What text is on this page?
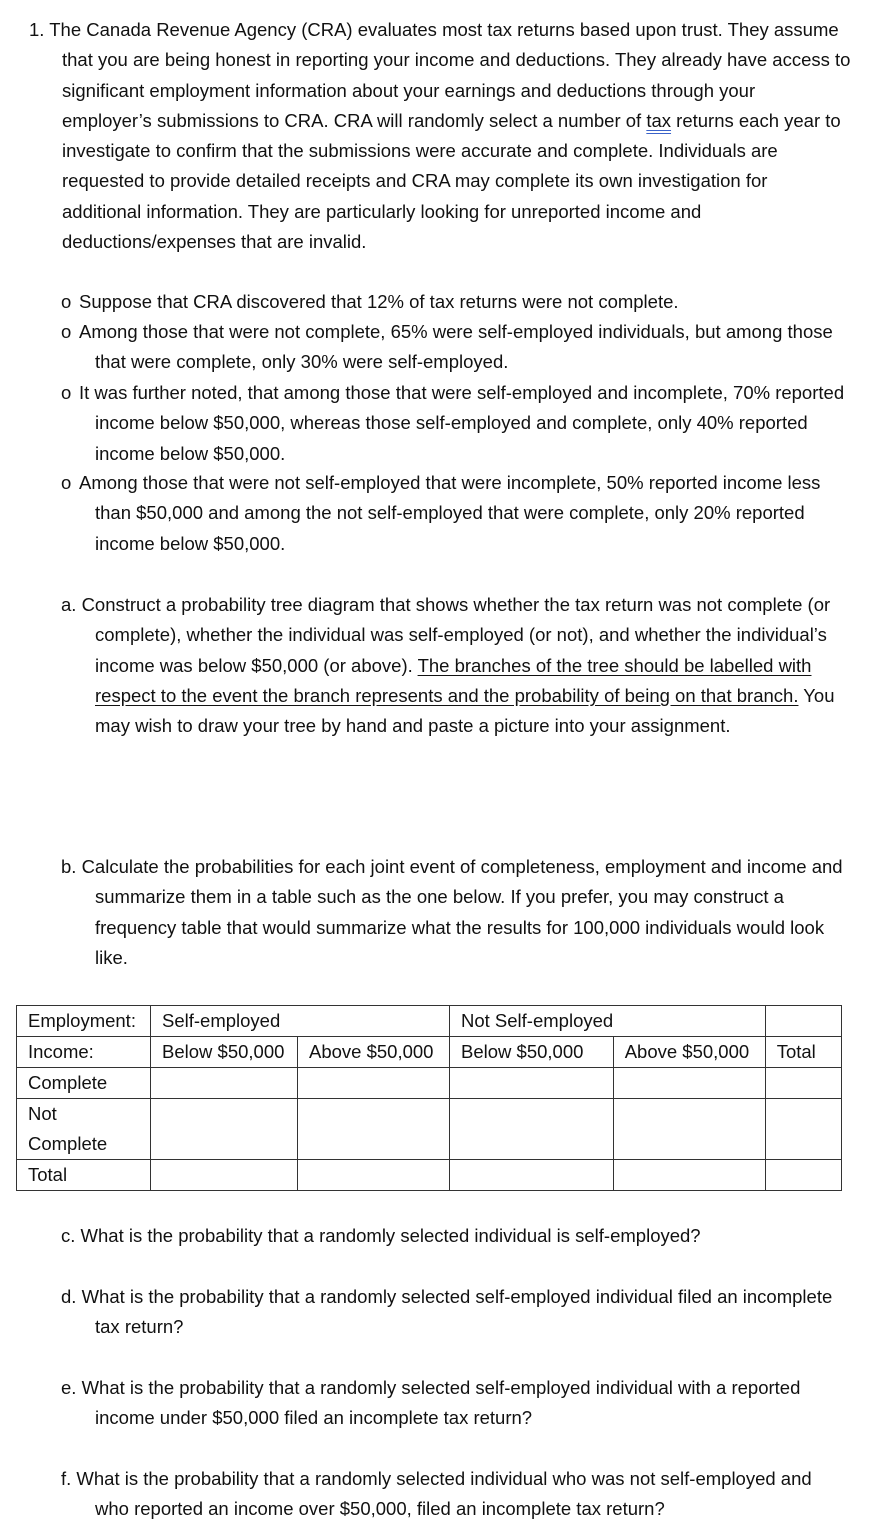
1. The Canada Revenue Agency (CRA) evaluates most tax returns based upon trust. They assume
that you are being honest in reporting your income and deductions. They already have access to
significant employment information about your earnings and deductions through your
employer’s submissions to CRA. CRA will randomly select a number of tax returns each year to
investigate to confirm that the submissions were accurate and complete. Individuals are
requested to provide detailed receipts and CRA may complete its own investigation for
additional information. They are particularly looking for unreported income and
deductions/expenses that are invalid.
o Suppose that CRA discovered that 12% of tax returns were not complete.
o Among those that were not complete, 65% were self-employed individuals, but among those
that were complete, only 30% were self-employed.
o It was further noted, that among those that were self-employed and incomplete, 70% reported
income below $50,000, whereas those self-employed and complete, only 40% reported
income below $50,000.
o Among those that were not self-employed that were incomplete, 50% reported income less
than $50,000 and among the not self-employed that were complete, only 20% reported
income below $50,000.
a. Construct a probability tree diagram that shows whether the tax return was not complete (or
complete), whether the individual was self-employed (or not), and whether the individual’s
income was below $50,000 (or above). The branches of the tree should be labelled with
respect to the event the branch represents and the probability of being on that branch. You
may wish to draw your tree by hand and paste a picture into your assignment.
b. Calculate the probabilities for each joint event of completeness, employment and income and
summarize them in a table such as the one below. If you prefer, you may construct a
frequency table that would summarize what the results for 100,000 individuals would look
like.
Employment:	Self-employed		Not Self-employed		
Income:	Below $50,000	Above $50,000	Below $50,000	Above $50,000	Total
Complete					

Not
Complete					

Total					
c. What is the probability that a randomly selected individual is self-employed?
d. What is the probability that a randomly selected self-employed individual filed an incomplete
tax return?
e. What is the probability that a randomly selected self-employed individual with a reported
income under $50,000 filed an incomplete tax return?
f. What is the probability that a randomly selected individual who was not self-employed and
who reported an income over $50,000, filed an incomplete tax return?
